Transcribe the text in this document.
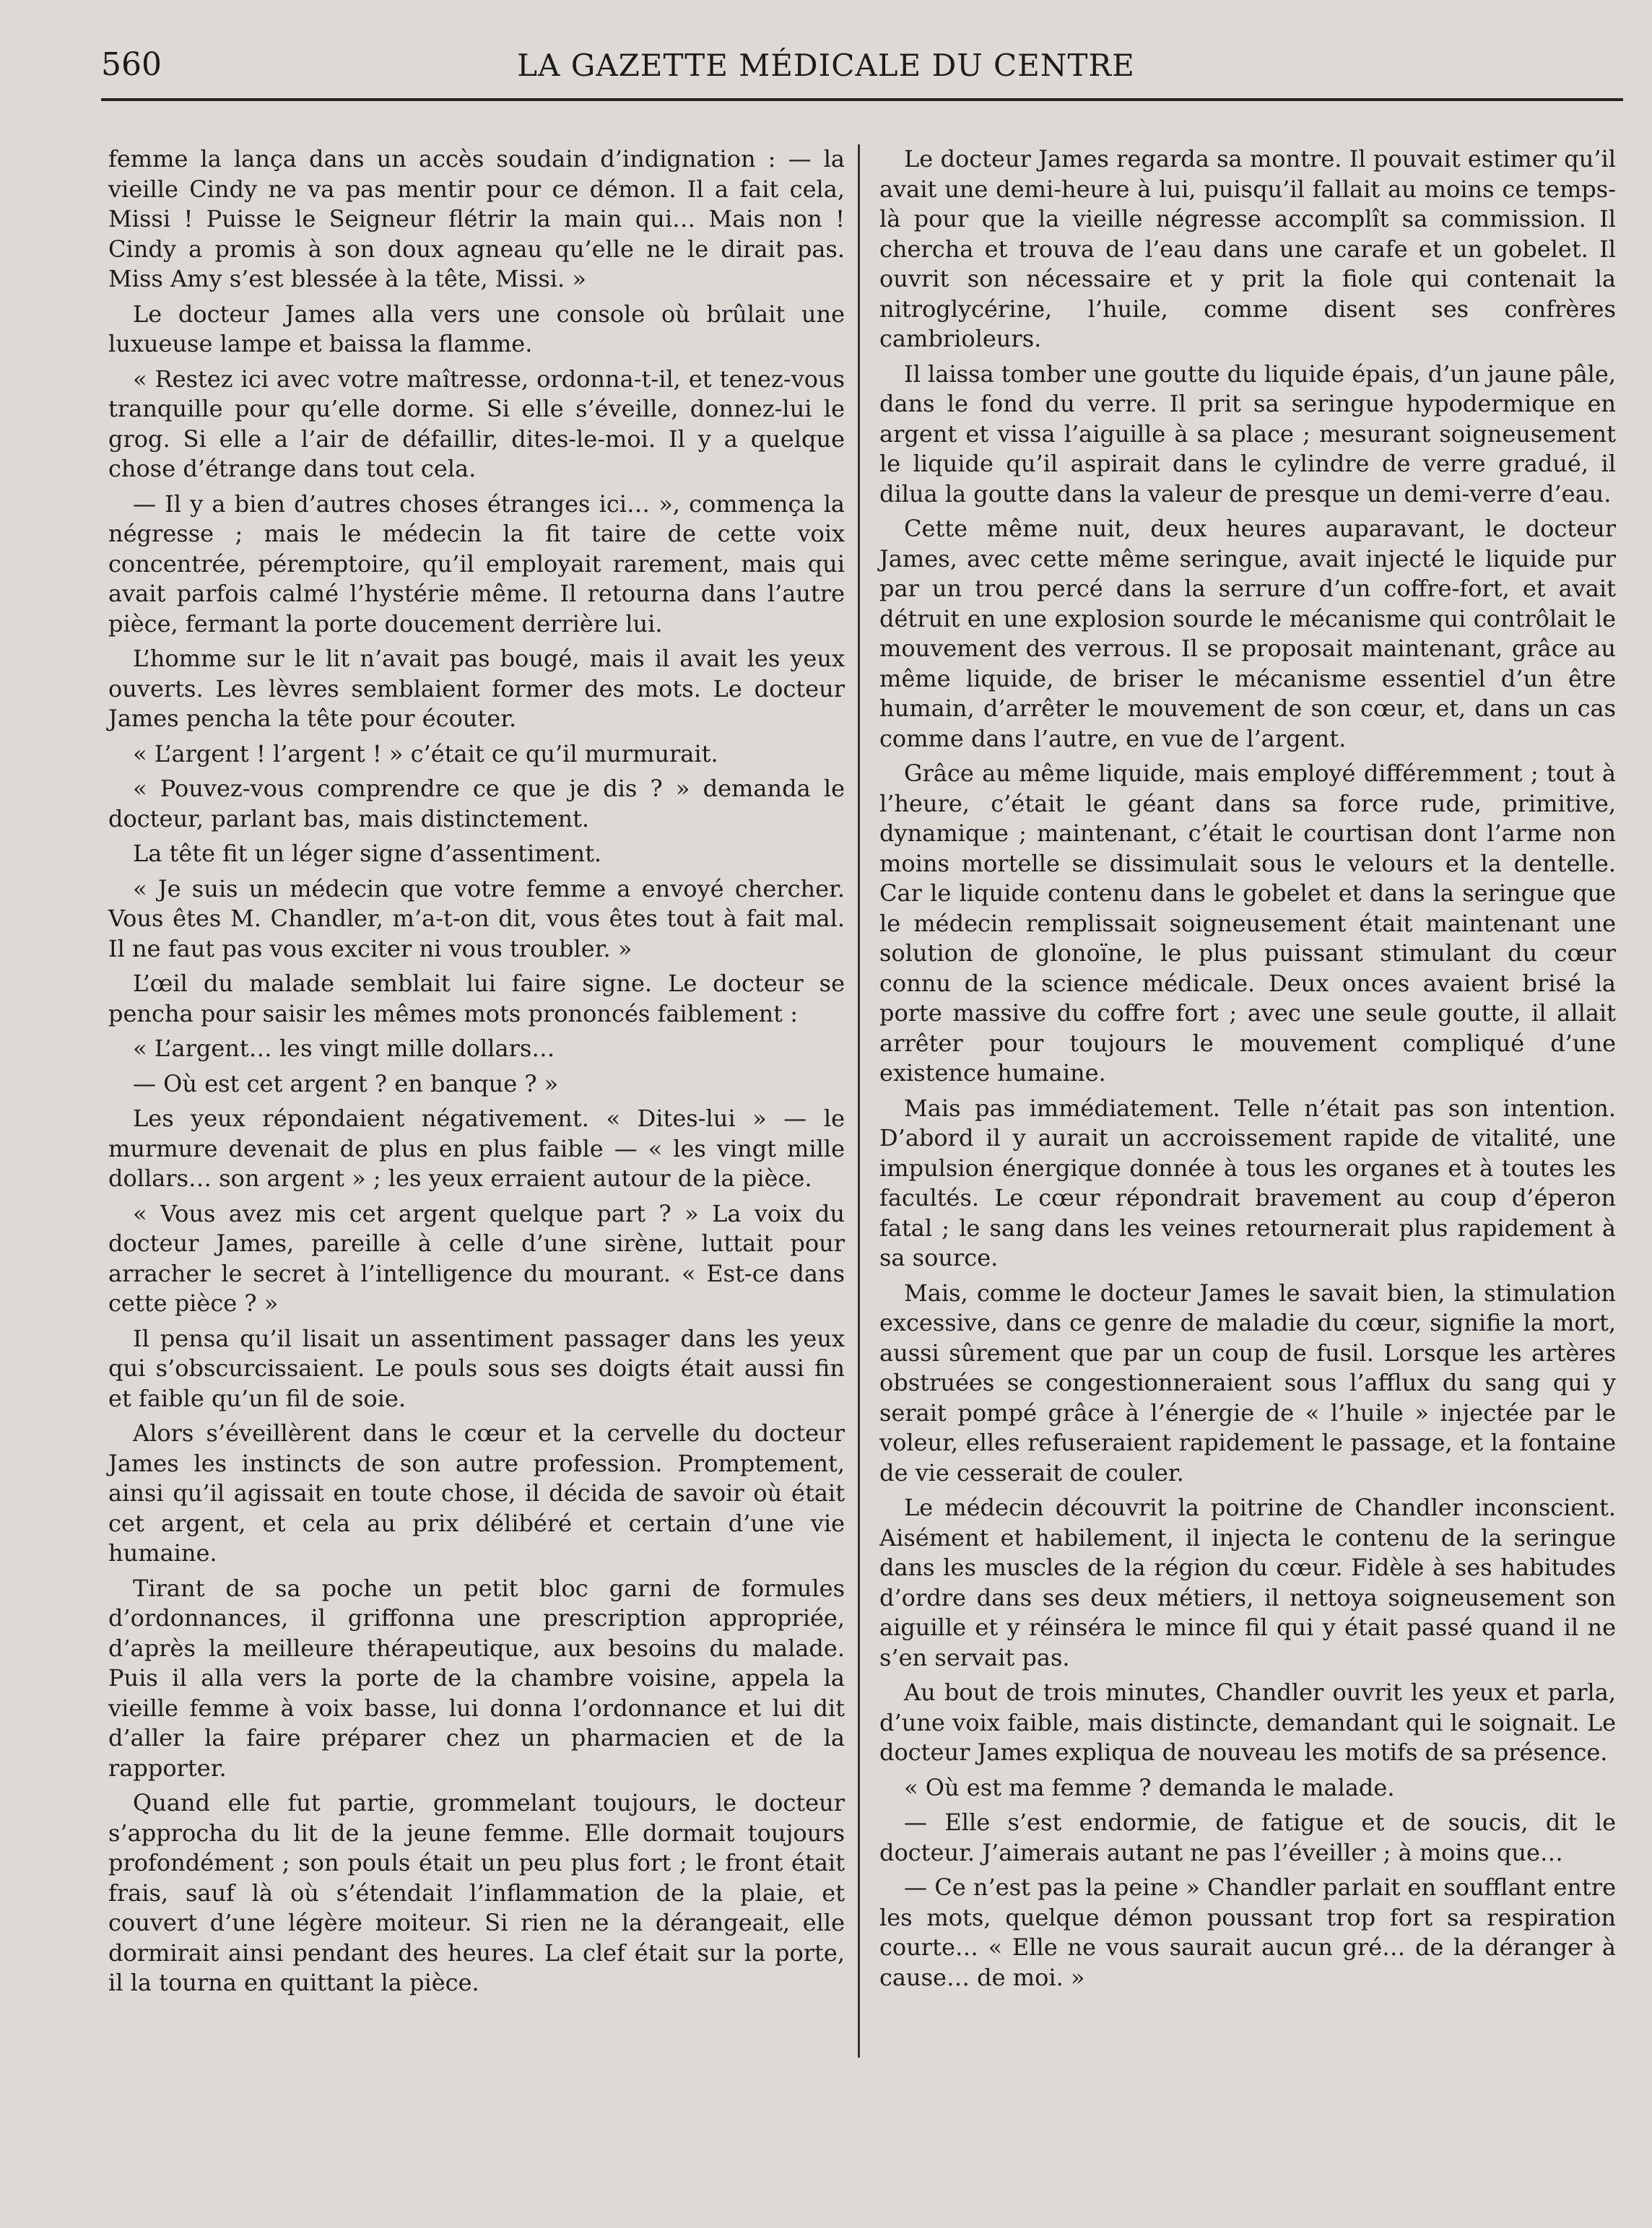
560	LA GAZETTE MÉDICALE DU CENTRE

femme la lança dans un accès soudain d’indignation : — la vieille Cindy ne va pas mentir pour ce démon. Il a fait cela, Missi ! Puisse le Seigneur flétrir la main qui… Mais non ! Cindy a promis à son doux agneau qu’elle ne le dirait pas. Miss Amy s’est blessée à la tête, Missi. »

Le docteur James alla vers une console où brûlait une luxueuse lampe et baissa la flamme.

« Restez ici avec votre maîtresse, ordonna-t-il, et tenez-vous tranquille pour qu’elle dorme. Si elle s’éveille, donnez-lui le grog. Si elle a l’air de défaillir, dites-le-moi. Il y a quelque chose d’étrange dans tout cela.

— Il y a bien d’autres choses étranges ici… », commença la négresse ; mais le médecin la fit taire de cette voix concentrée, péremptoire, qu’il employait rarement, mais qui avait parfois calmé l’hystérie même. Il retourna dans l’autre pièce, fermant la porte doucement derrière lui.

L’homme sur le lit n’avait pas bougé, mais il avait les yeux ouverts. Les lèvres semblaient former des mots. Le docteur James pencha la tête pour écouter.

« L’argent ! l’argent ! » c’était ce qu’il murmurait.

« Pouvez-vous comprendre ce que je dis ? » demanda le docteur, parlant bas, mais distinctement.

La tête fit un léger signe d’assentiment.

« Je suis un médecin que votre femme a envoyé chercher. Vous êtes M. Chandler, m’a-t-on dit, vous êtes tout à fait mal. Il ne faut pas vous exciter ni vous troubler. »

L’œil du malade semblait lui faire signe. Le docteur se pencha pour saisir les mêmes mots prononcés faiblement :

« L’argent… les vingt mille dollars…

— Où est cet argent ? en banque ? »

Les yeux répondaient négativement. « Dites-lui » — le murmure devenait de plus en plus faible — « les vingt mille dollars… son argent » ; les yeux erraient autour de la pièce.

« Vous avez mis cet argent quelque part ? » La voix du docteur James, pareille à celle d’une sirène, luttait pour arracher le secret à l’intelligence du mourant. « Est-ce dans cette pièce ? »

Il pensa qu’il lisait un assentiment passager dans les yeux qui s’obscurcissaient. Le pouls sous ses doigts était aussi fin et faible qu’un fil de soie.

Alors s’éveillèrent dans le cœur et la cervelle du docteur James les instincts de son autre profession. Promptement, ainsi qu’il agissait en toute chose, il décida de savoir où était cet argent, et cela au prix délibéré et certain d’une vie humaine.

Tirant de sa poche un petit bloc garni de formules d’ordonnances, il griffonna une prescription appropriée, d’après la meilleure thérapeutique, aux besoins du malade. Puis il alla vers la porte de la chambre voisine, appela la vieille femme à voix basse, lui donna l’ordonnance et lui dit d’aller la faire préparer chez un pharmacien et de la rapporter.

Quand elle fut partie, grommelant toujours, le docteur s’approcha du lit de la jeune femme. Elle dormait toujours profondément ; son pouls était un peu plus fort ; le front était frais, sauf là où s’étendait l’inflammation de la plaie, et couvert d’une légère moiteur. Si rien ne la dérangeait, elle dormirait ainsi pendant des heures. La clef était sur la porte, il la tourna en quittant la pièce.

Le docteur James regarda sa montre. Il pouvait estimer qu’il avait une demi-heure à lui, puisqu’il fallait au moins ce temps-là pour que la vieille négresse accomplît sa commission. Il chercha et trouva de l’eau dans une carafe et un gobelet. Il ouvrit son nécessaire et y prit la fiole qui contenait la nitroglycérine, l’huile, comme disent ses confrères cambrioleurs.

Il laissa tomber une goutte du liquide épais, d’un jaune pâle, dans le fond du verre. Il prit sa seringue hypodermique en argent et vissa l’aiguille à sa place ; mesurant soigneusement le liquide qu’il aspirait dans le cylindre de verre gradué, il dilua la goutte dans la valeur de presque un demi-verre d’eau.

Cette même nuit, deux heures auparavant, le docteur James, avec cette même seringue, avait injecté le liquide pur par un trou percé dans la serrure d’un coffre-fort, et avait détruit en une explosion sourde le mécanisme qui contrôlait le mouvement des verrous. Il se proposait maintenant, grâce au même liquide, de briser le mécanisme essentiel d’un être humain, d’arrêter le mouvement de son cœur, et, dans un cas comme dans l’autre, en vue de l’argent.

Grâce au même liquide, mais employé différemment ; tout à l’heure, c’était le géant dans sa force rude, primitive, dynamique ; maintenant, c’était le courtisan dont l’arme non moins mortelle se dissimulait sous le velours et la dentelle. Car le liquide contenu dans le gobelet et dans la seringue que le médecin remplissait soigneusement était maintenant une solution de glonoïne, le plus puissant stimulant du cœur connu de la science médicale. Deux onces avaient brisé la porte massive du coffre fort ; avec une seule goutte, il allait arrêter pour toujours le mouvement compliqué d’une existence humaine.

Mais pas immédiatement. Telle n’était pas son intention. D’abord il y aurait un accroissement rapide de vitalité, une impulsion énergique donnée à tous les organes et à toutes les facultés. Le cœur répondrait bravement au coup d’éperon fatal ; le sang dans les veines retournerait plus rapidement à sa source.

Mais, comme le docteur James le savait bien, la stimulation excessive, dans ce genre de maladie du cœur, signifie la mort, aussi sûrement que par un coup de fusil. Lorsque les artères obstruées se congestionneraient sous l’afflux du sang qui y serait pompé grâce à l’énergie de « l’huile » injectée par le voleur, elles refuseraient rapidement le passage, et la fontaine de vie cesserait de couler.

Le médecin découvrit la poitrine de Chandler inconscient. Aisément et habilement, il injecta le contenu de la seringue dans les muscles de la région du cœur. Fidèle à ses habitudes d’ordre dans ses deux métiers, il nettoya soigneusement son aiguille et y réinséra le mince fil qui y était passé quand il ne s’en servait pas.

Au bout de trois minutes, Chandler ouvrit les yeux et parla, d’une voix faible, mais distincte, demandant qui le soignait. Le docteur James expliqua de nouveau les motifs de sa présence.

« Où est ma femme ? demanda le malade.

— Elle s’est endormie, de fatigue et de soucis, dit le docteur. J’aimerais autant ne pas l’éveiller ; à moins que…

— Ce n’est pas la peine » Chandler parlait en soufflant entre les mots, quelque démon poussant trop fort sa respiration courte… « Elle ne vous saurait aucun gré… de la déranger à cause… de moi. »
